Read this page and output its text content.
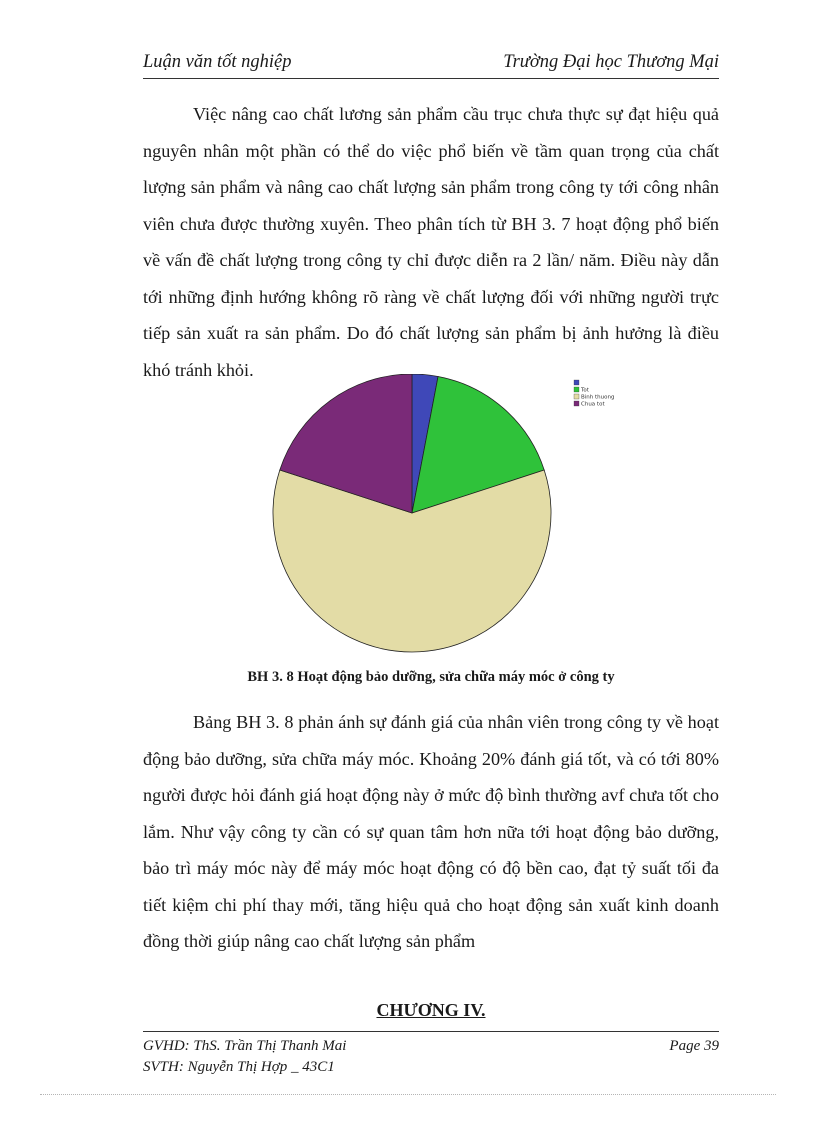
Luận văn tốt nghiệp	Trường Đại học Thương Mại

Việc nâng cao chất lương sản phẩm cầu trục chưa thực sự đạt hiệu quả nguyên nhân một phần có thể do việc phổ biến về tầm quan trọng của chất lượng sản phẩm và nâng cao chất lượng sản phẩm trong công ty tới công nhân viên chưa được thường xuyên. Theo phân tích từ BH 3. 7 hoạt động phổ biến về vấn đề chất lượng trong công ty chỉ được diễn ra 2 lần/ năm. Điều này dẫn tới những định hướng không rõ ràng về chất lượng đối với những người trực tiếp sản xuất ra sản phẩm. Do đó chất lượng sản phẩm bị ảnh hưởng là điều khó tránh khỏi.

Tot
Binh thuong
Chua tot
BH 3. 8 Hoạt động bảo dưỡng, sửa chữa máy móc ở công ty

Bảng BH 3. 8 phản ánh sự đánh giá của nhân viên trong công ty về hoạt động bảo dưỡng, sửa chữa máy móc. Khoảng 20% đánh giá tốt, và có tới 80% người được hỏi đánh giá hoạt động này ở mức độ bình thường avf chưa tốt cho lắm. Như vậy công ty cần có sự quan tâm hơn nữa tới hoạt động bảo dưỡng, bảo trì máy móc này để máy móc hoạt động có độ bền cao, đạt tỷ suất tối đa tiết kiệm chi phí thay mới, tăng hiệu quả cho hoạt động sản xuất kinh doanh đồng thời giúp nâng cao chất lượng sản phẩm

CHƯƠNG IV.
GVHD: ThS. Trần Thị Thanh Mai
SVTH: Nguyễn Thị Hợp _ 43C1
Page 39
